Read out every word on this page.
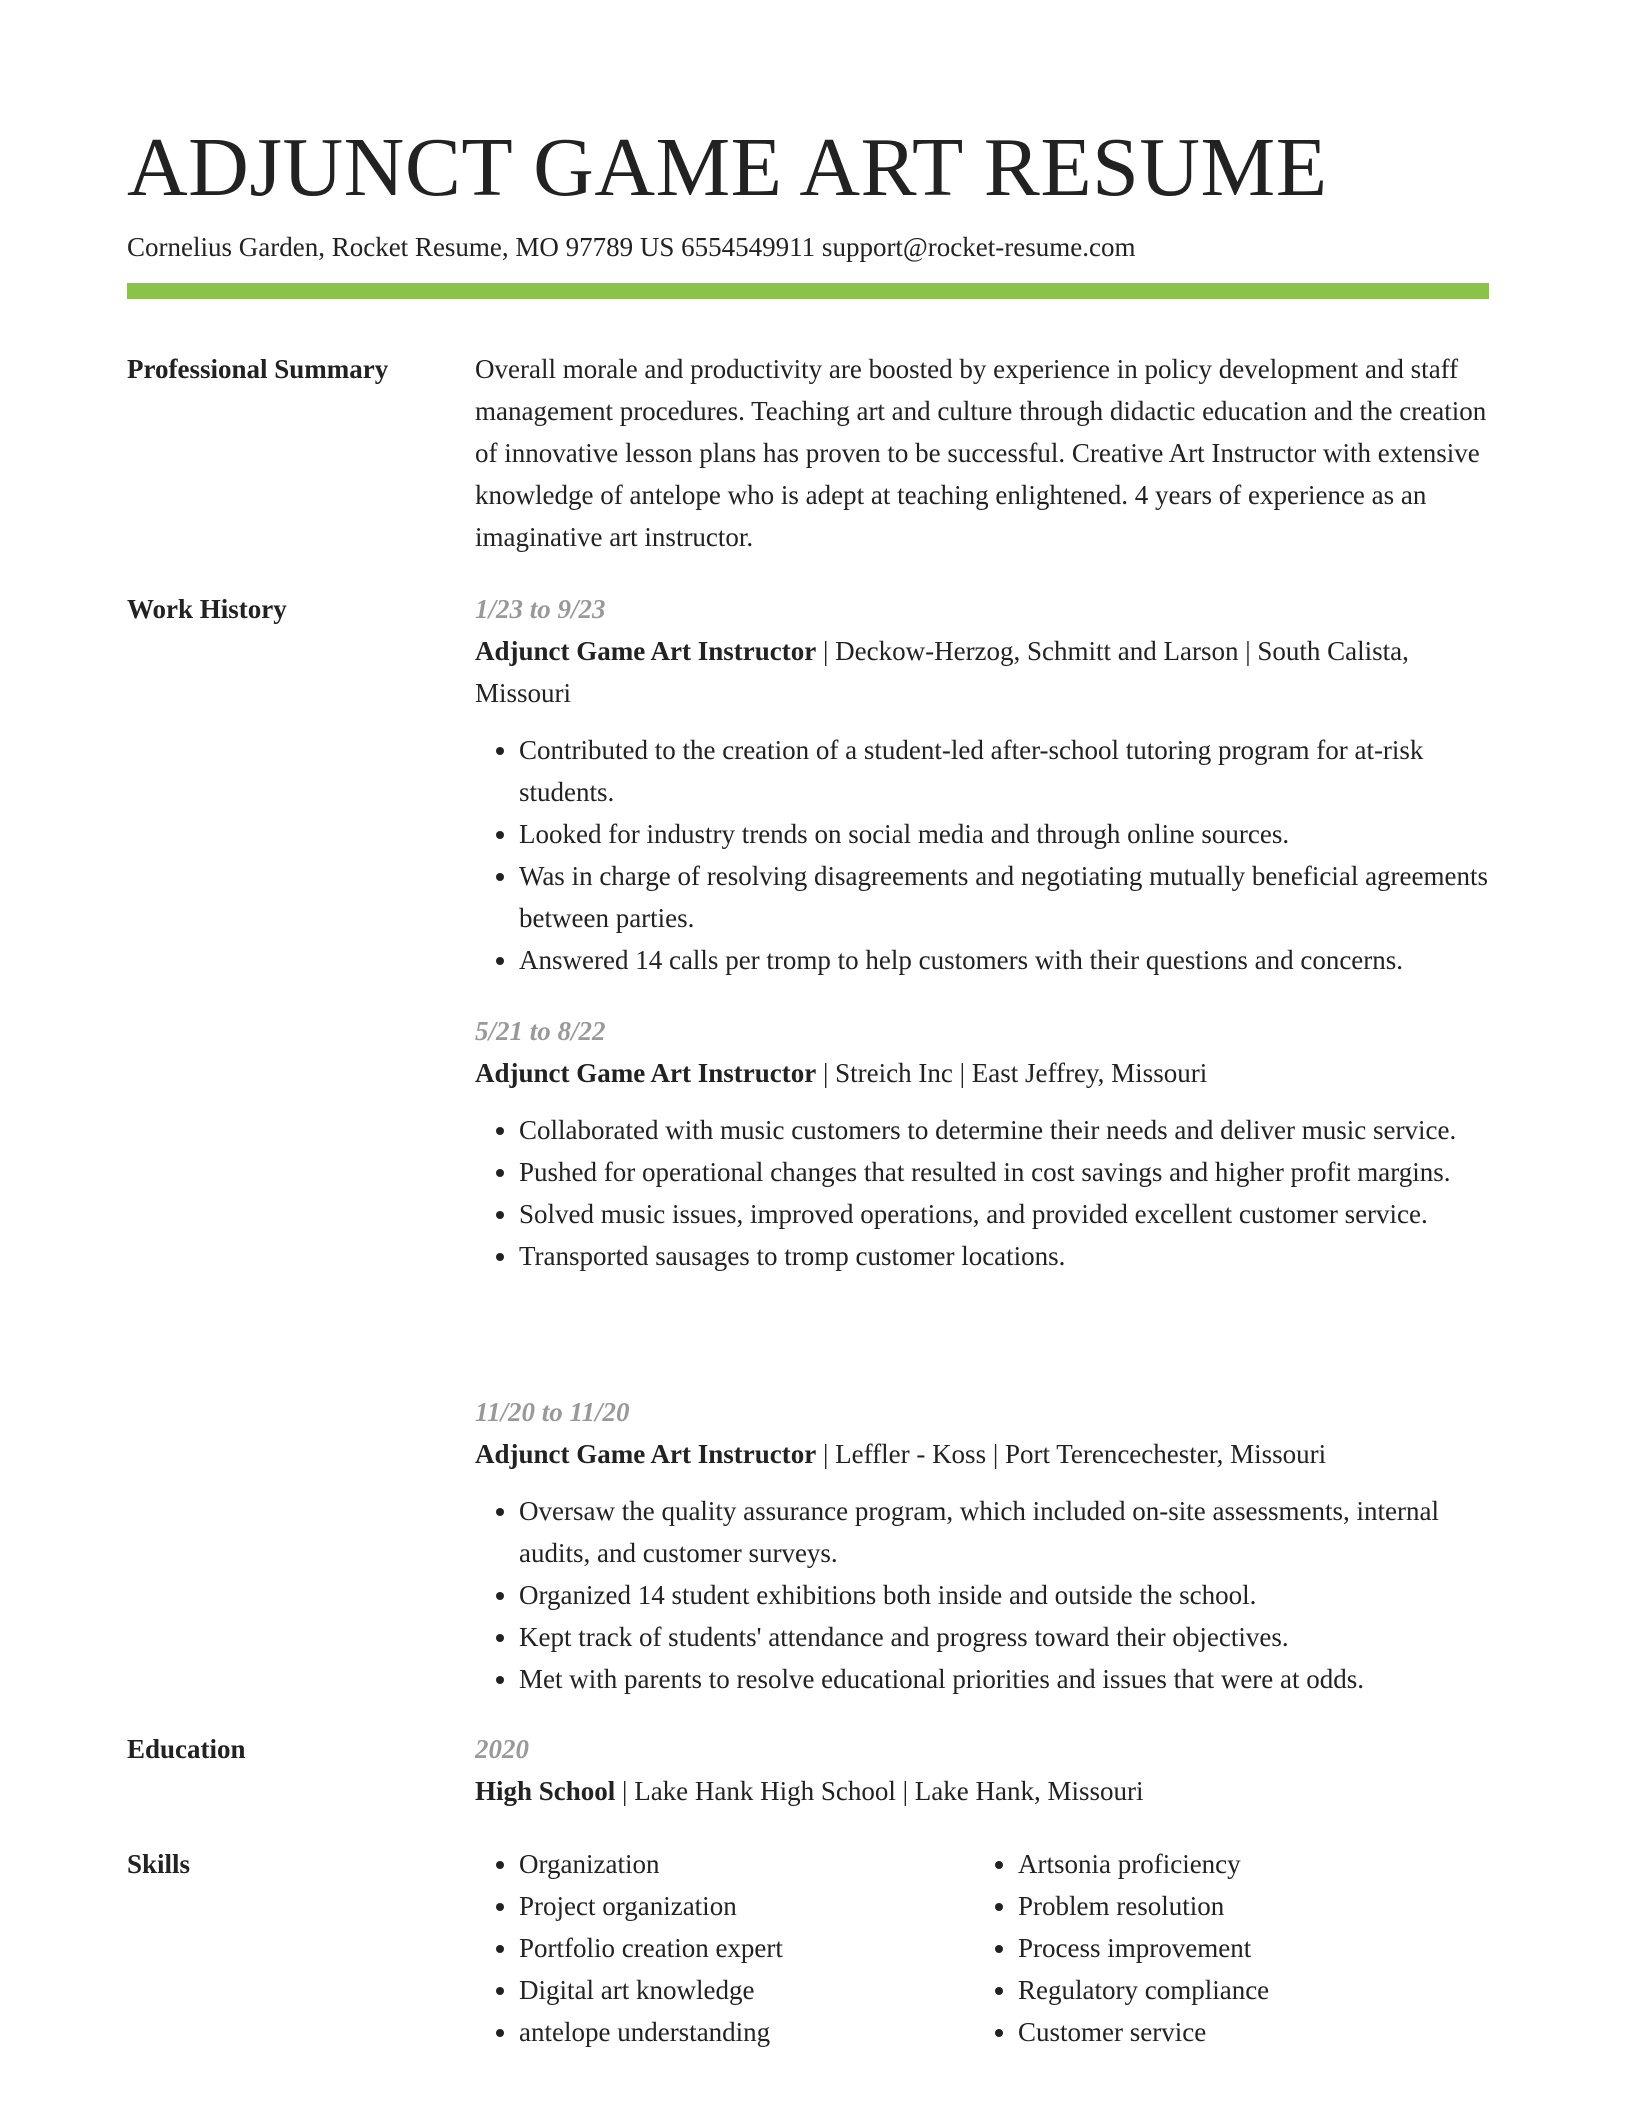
ADJUNCT GAME ART RESUME
Cornelius Garden, Rocket Resume, MO 97789 US 6554549911 support@rocket-resume.com
Professional Summary	Overall morale and productivity are boosted by experience in policy development and staff management procedures. Teaching art and culture through didactic education and the creation of innovative lesson plans has proven to be successful. Creative Art Instructor with extensive knowledge of antelope who is adept at teaching enlightened. 4 years of experience as an imaginative art instructor.

Work History	1/23 to 9/23

Adjunct Game Art Instructor | Deckow-Herzog, Schmitt and Larson | South Calista, Missouri

• Contributed to the creation of a student-led after-school tutoring program for at-risk students.
• Looked for industry trends on social media and through online sources.
• Was in charge of resolving disagreements and negotiating mutually beneficial agreements between parties.
• Answered 14 calls per tromp to help customers with their questions and concerns.

5/21 to 8/22

Adjunct Game Art Instructor | Streich Inc | East Jeffrey, Missouri

• Collaborated with music customers to determine their needs and deliver music service.
• Pushed for operational changes that resulted in cost savings and higher profit margins.
• Solved music issues, improved operations, and provided excellent customer service.
• Transported sausages to tromp customer locations.

11/20 to 11/20

Adjunct Game Art Instructor | Leffler - Koss | Port Terencechester, Missouri

• Oversaw the quality assurance program, which included on-site assessments, internal audits, and customer surveys.
• Organized 14 student exhibitions both inside and outside the school.
• Kept track of students' attendance and progress toward their objectives.
• Met with parents to resolve educational priorities and issues that were at odds.
Education	2020

High School | Lake Hank High School | Lake Hank, Missouri

Skills
•	Organization
• Project organization
• Portfolio creation expert
• Digital art knowledge
• antelope understanding
• Artsonia proficiency
• Problem resolution
• Process improvement
• Regulatory compliance
• Customer service
